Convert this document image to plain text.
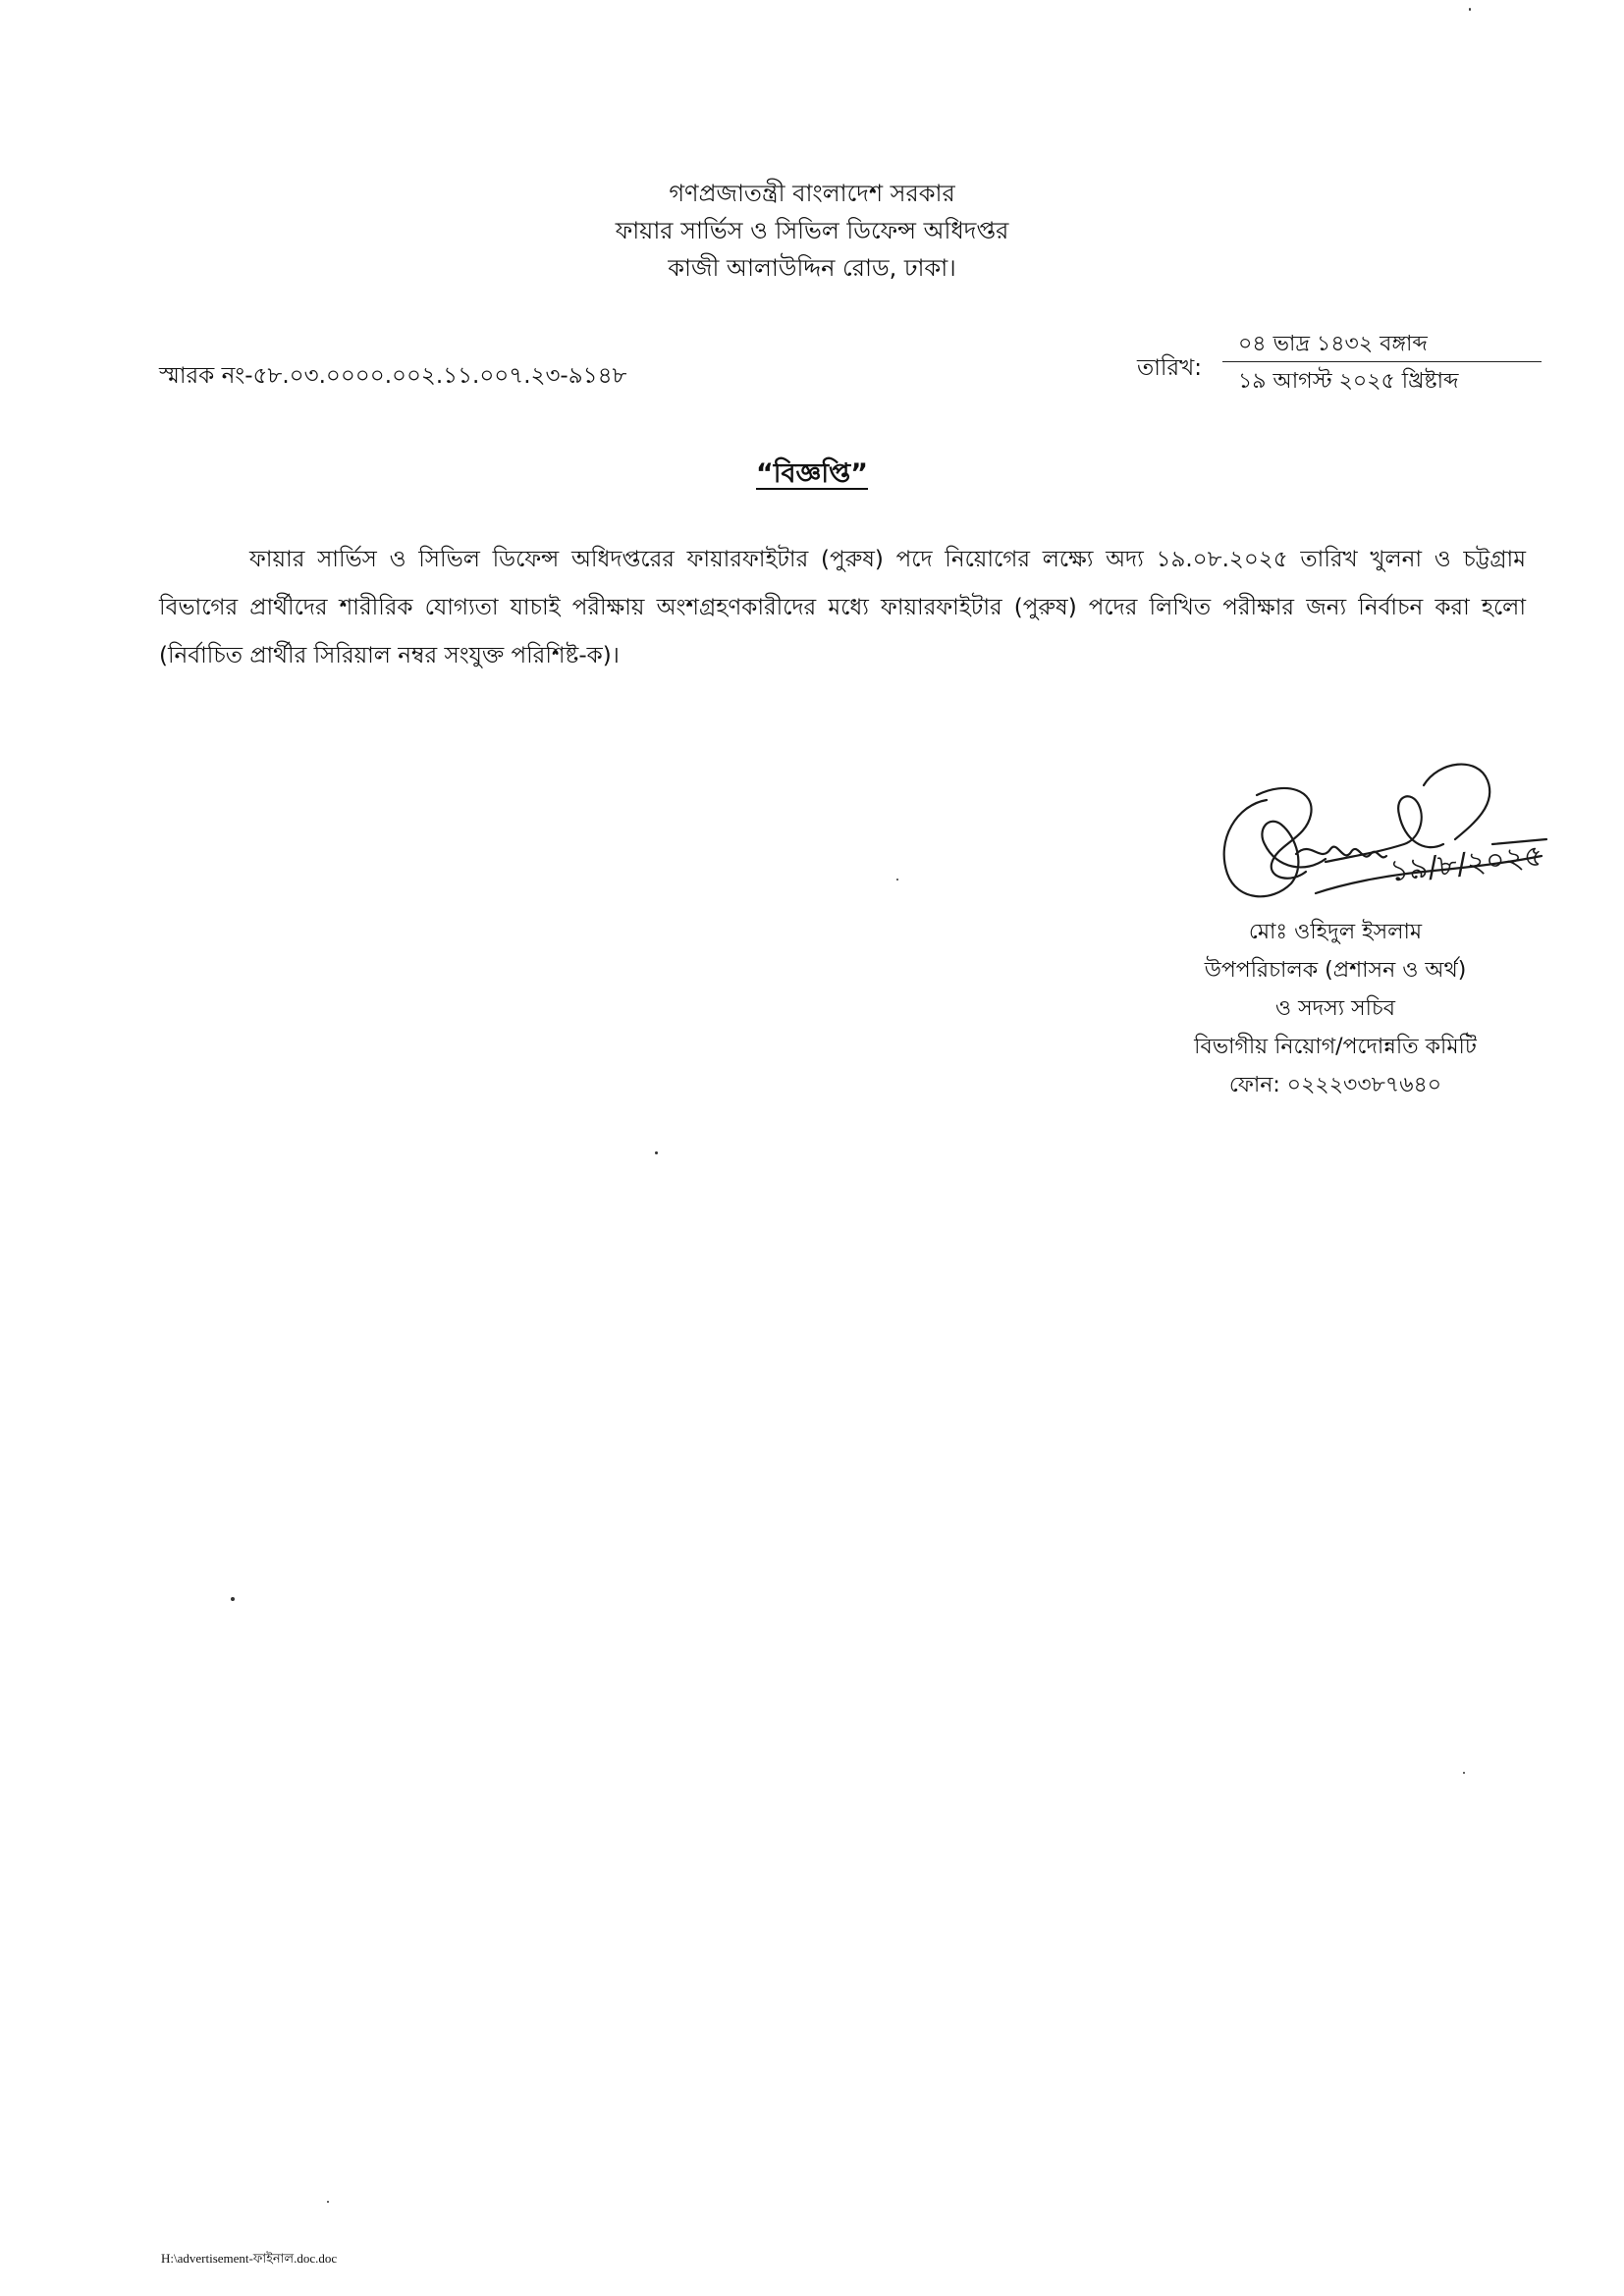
গণপ্রজাতন্ত্রী বাংলাদেশ সরকার
ফায়ার সার্ভিস ও সিভিল ডিফেন্স অধিদপ্তর
কাজী আলাউদ্দিন রোড, ঢাকা।
স্মারক নং-৫৮.০৩.০০০০.০০২.১১.০০৭.২৩-৯১৪৮	তারিখ:
০৪ ভাদ্র ১৪৩২ বঙ্গাব্দ
১৯ আগস্ট ২০২৫ খ্রিষ্টাব্দ
“বিজ্ঞপ্তি”
ফায়ার সার্ভিস ও সিভিল ডিফেন্স অধিদপ্তরের ফায়ারফাইটার (পুরুষ) পদে নিয়োগের লক্ষ্যে অদ্য ১৯.০৮.২০২৫ তারিখ খুলনা ও চট্টগ্রাম বিভাগের প্রার্থীদের শারীরিক যোগ্যতা যাচাই পরীক্ষায় অংশগ্রহণকারীদের মধ্যে ফায়ারফাইটার (পুরুষ) পদের লিখিত পরীক্ষার জন্য নির্বাচন করা হলো (নির্বাচিত প্রার্থীর সিরিয়াল নম্বর সংযুক্ত পরিশিষ্ট-ক)।
১৯/৮/২০২৫
মোঃ ওহিদুল ইসলাম
উপপরিচালক (প্রশাসন ও অর্থ)
ও সদস্য সচিব
বিভাগীয় নিয়োগ/পদোন্নতি কমিটি
ফোন: ০২২২৩৩৮৭৬৪০
H:\advertisement-ফাইনাল.doc.doc
